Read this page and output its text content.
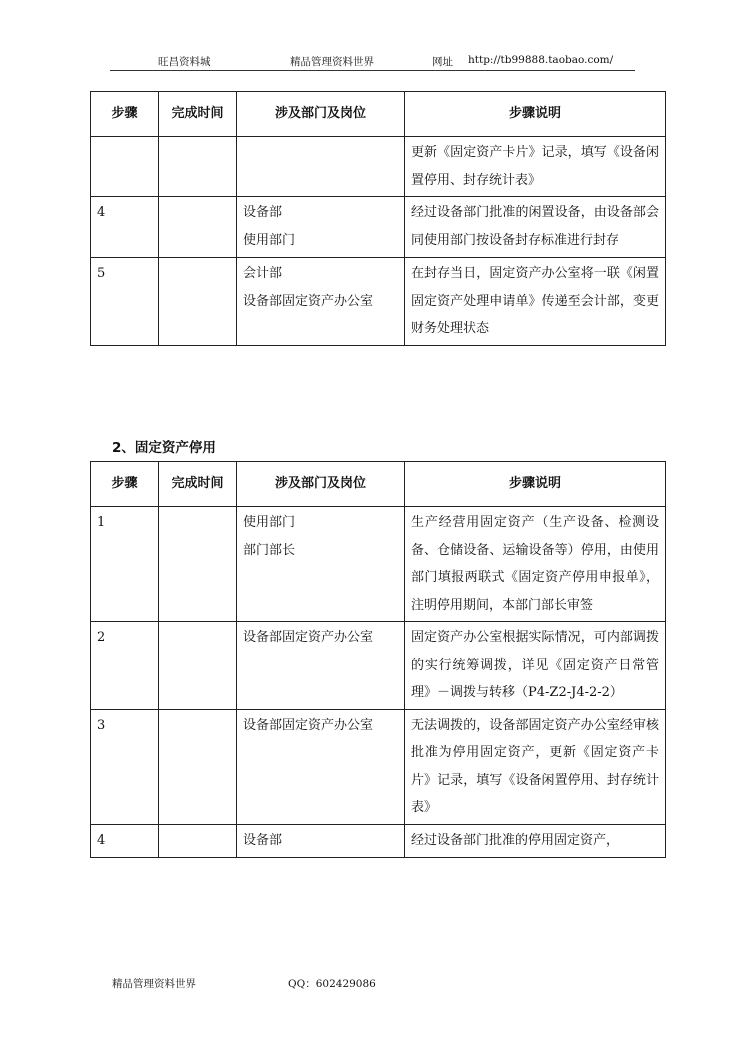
旺昌资料城	精品管理资料世界	网址 http://tb99888.taobao.com/
步骤	完成时间	涉及部门及岗位	步骤说明
			更新《固定资产卡片》记录，填写《设备闲置停用、封存统计表》
4		设备部
使用部门	经过设备部门批准的闲置设备，由设备部会同使用部门按设备封存标准进行封存
5		会计部
设备部固定资产办公室	在封存当日，固定资产办公室将一联《闲置固定资产处理申请单》传递至会计部，变更财务处理状态
2、固定资产停用
步骤	完成时间	涉及部门及岗位	步骤说明
1		使用部门
部门部长	生产经营用固定资产（生产设备、检测设备、仓储设备、运输设备等）停用，由使用部门填报两联式《固定资产停用申报单》，注明停用期间，本部门部长审签
2		设备部固定资产办公室	固定资产办公室根据实际情况，可内部调拨的实行统筹调拨，详见《固定资产日常管理》－调拨与转移（P4-Z2-J4-2-2）
3		设备部固定资产办公室	无法调拨的，设备部固定资产办公室经审核批准为停用固定资产，更新《固定资产卡片》记录，填写《设备闲置停用、封存统计表》
4		设备部	经过设备部门批准的停用固定资产，
精品管理资料世界	QQ：602429086
